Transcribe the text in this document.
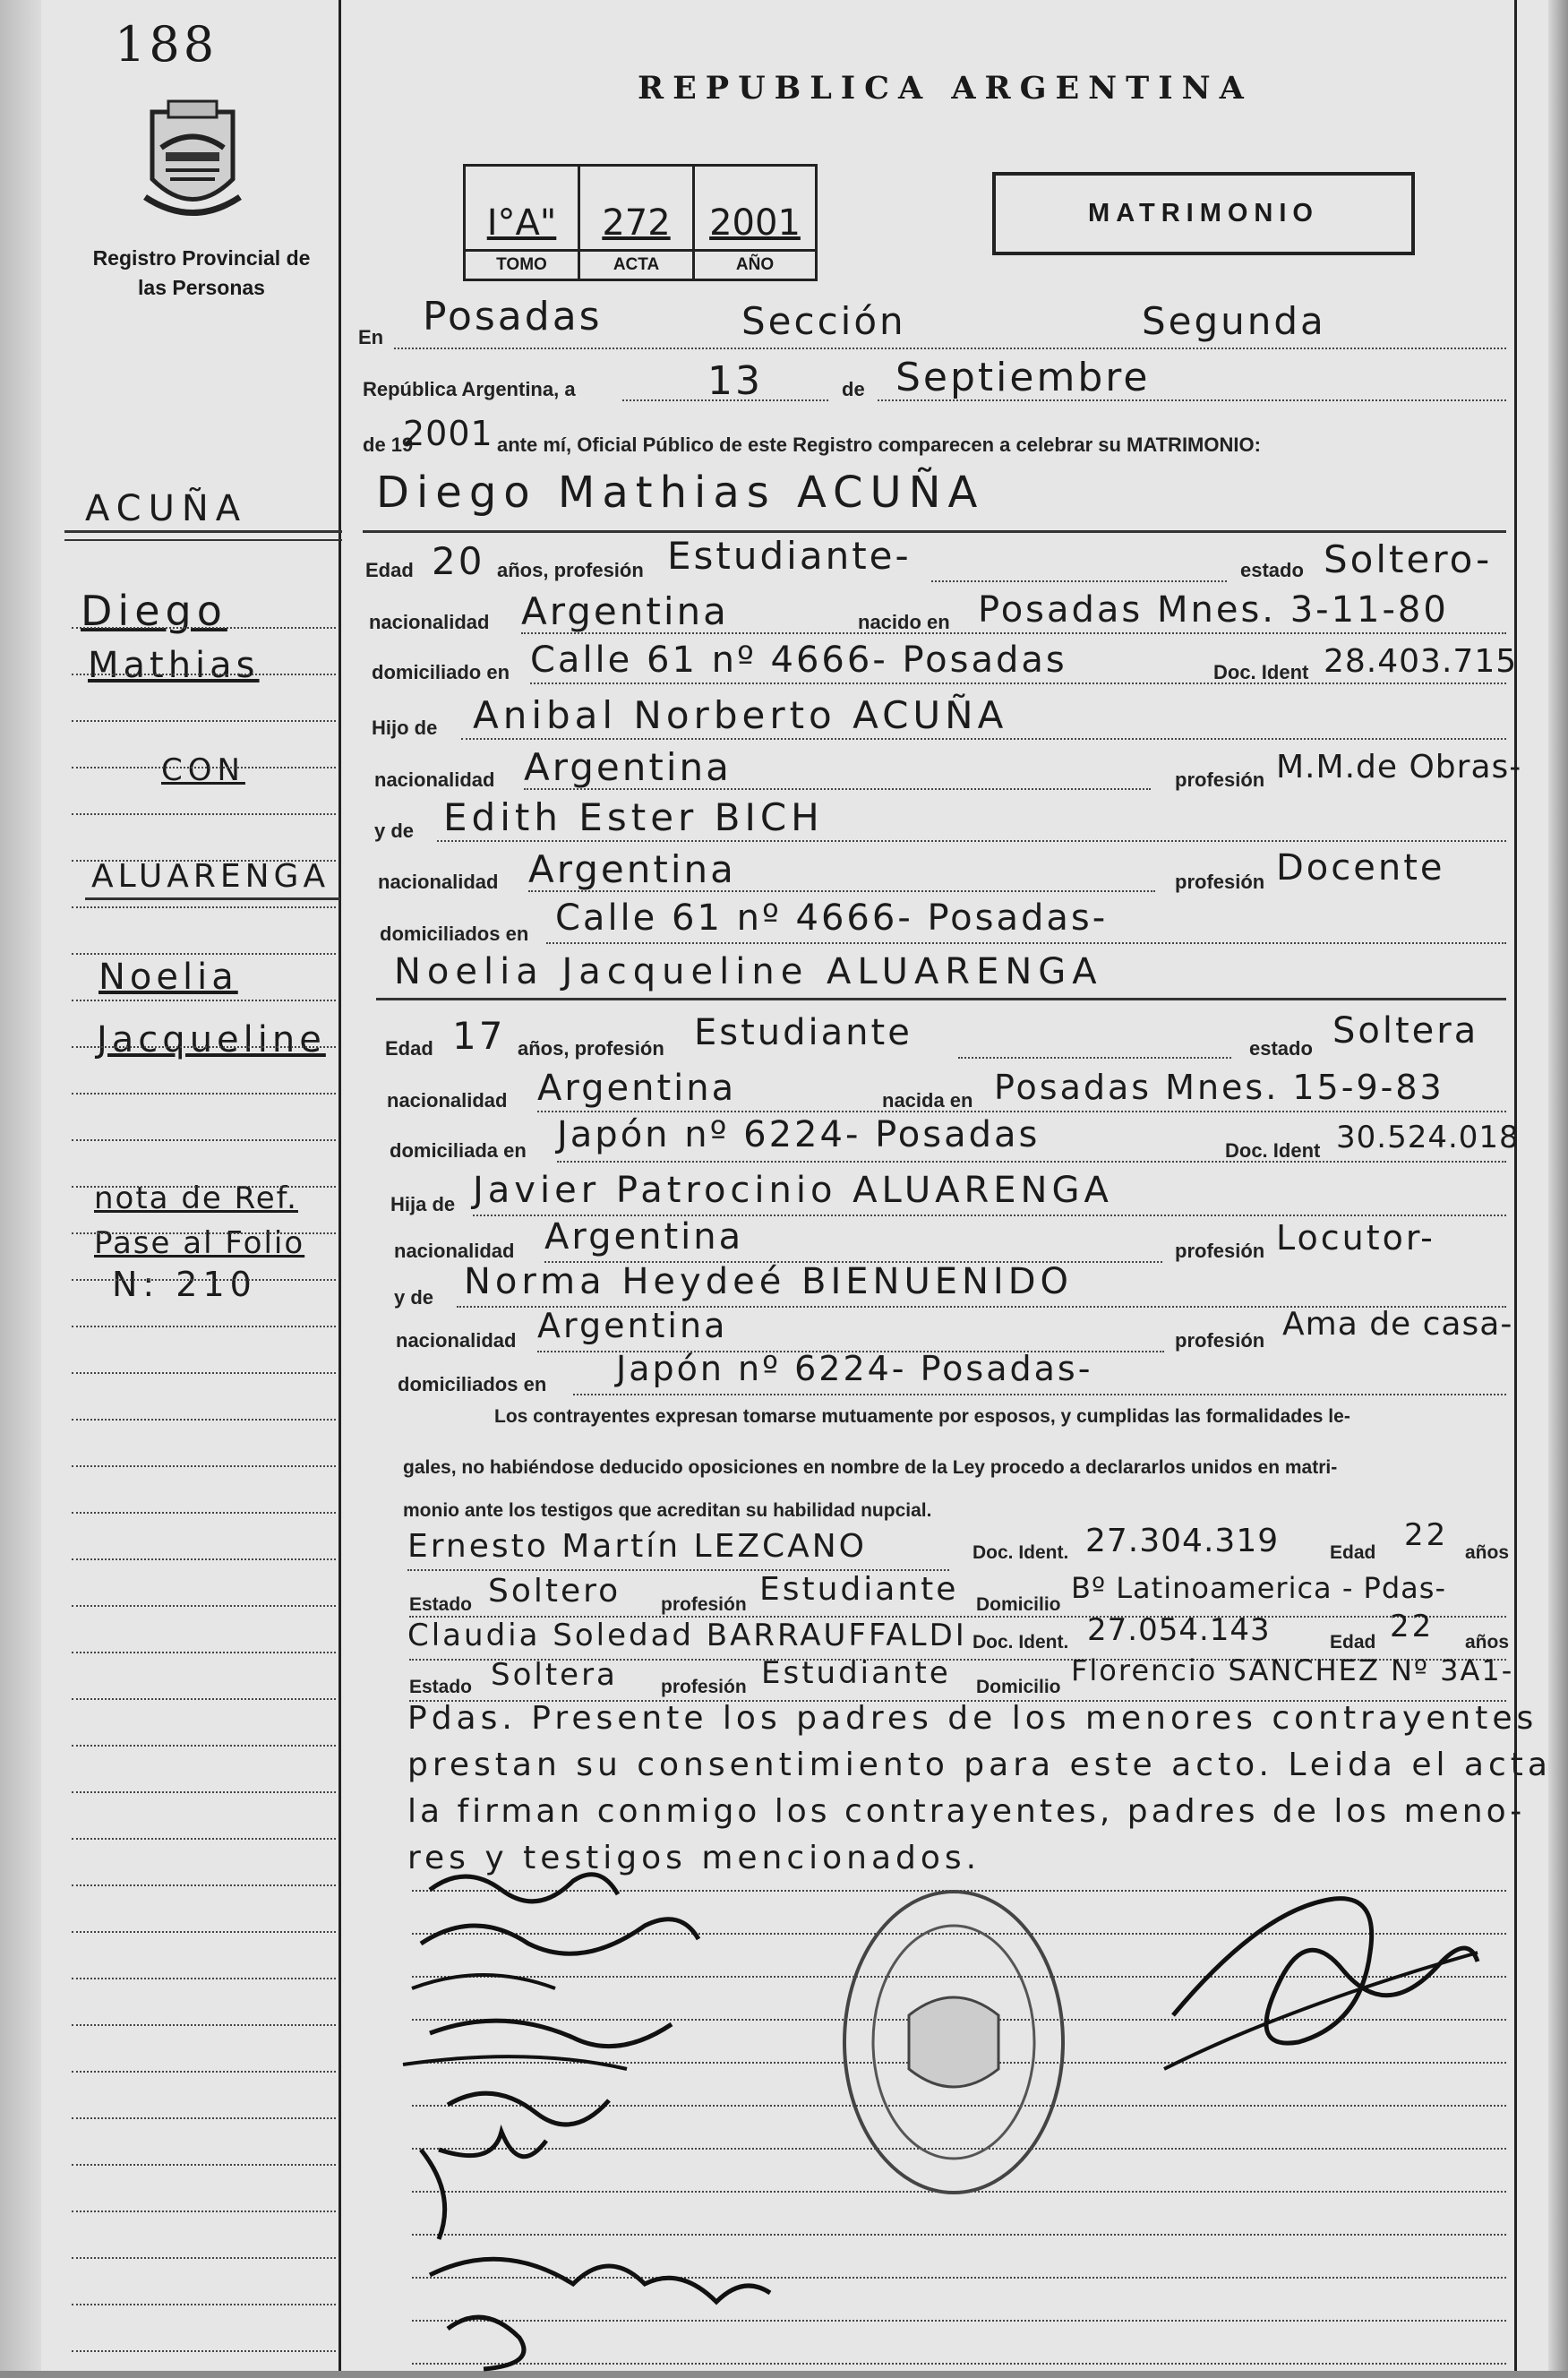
188
REPUBLICA ARGENTINA
Registro Provincial de las Personas
I°A"
TOMO
272
ACTA
2001
AÑO
MATRIMONIO
ACUÑA
Diego
Mathias
CON
ALUARENGA
Noelia
Jacqueline
nota de Ref.
Pase al Folio
N: 210
En Posadas	Sección	Segunda
República Argentina, a	de
13	Septiembre
de 19
2001 ante mí, Oficial Público de este Registro comparecen a celebrar su MATRIMONIO:
Diego Mathias ACUÑA
Edad 20 años, profesión Estudiante-	estado Soltero-
nacionalidad Argentina	nacido en Posadas Mnes. 3-11-80
domiciliado en Calle 61 nº 4666- Posadas	Doc. Ident 28.403.715
Hijo de Anibal Norberto ACUÑA
nacionalidad Argentina	profesión M.M.de Obras-
y de Edith Ester BICH
nacionalidad Argentina	profesión Docente
domiciliados en Calle 61 nº 4666- Posadas-
Noelia Jacqueline ALUARENGA
Edad 17 años, profesión Estudiante	estado Soltera
nacionalidad Argentina	nacida en Posadas Mnes. 15-9-83
domiciliada en Japón nº 6224- Posadas	Doc. Ident 30.524.018
Hija de Javier Patrocinio ALUARENGA
nacionalidad Argentina	profesión Locutor-
y de Norma Heydeé BIENUENIDO
nacionalidad Argentina	profesión Ama de casa-
domiciliados en Japón nº 6224- Posadas-
Los contrayentes expresan tomarse mutuamente por esposos, y cumplidas las formalidades le-
gales, no habiéndose deducido oposiciones en nombre de la Ley procedo a declararlos unidos en matri-
monio ante los testigos que acreditan su habilidad nupcial.
Ernesto Martín LEZCANO	Doc. Ident. 27.304.319	Edad 22 años
Estado Soltero profesión Estudiante Domicilio Bº Latinoamerica - Pdas-
Claudia Soledad BARRAUFFALDI Doc. Ident. 27.054.143	Edad 22 años
Estado Soltera profesión Estudiante Domicilio Florencio SANCHEZ Nº 3A1-
Pdas. Presente los padres de los menores contrayentes
prestan su consentimiento para este acto. Leida el acta
la firman conmigo los contrayentes, padres de los meno-
res y testigos mencionados.
